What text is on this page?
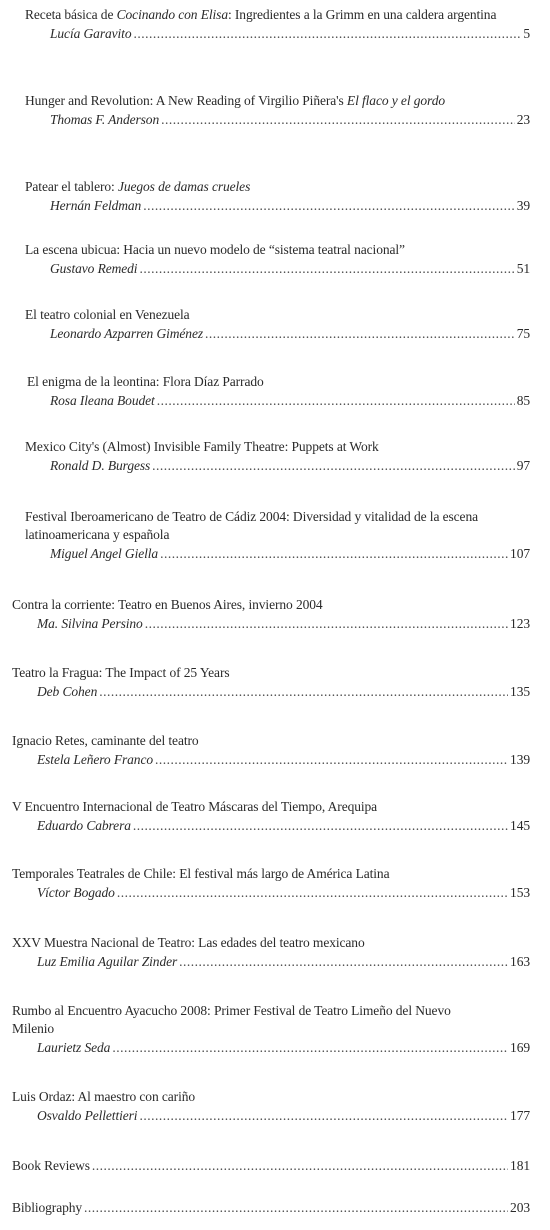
Receta básica de Cocinando con Elisa: Ingredientes a la Grimm en una caldera argentina
Lucía Garavito .....	5
Hunger and Revolution: A New Reading of Virgilio Piñera's El flaco y el gordo
Thomas F. Anderson .....	23
Patear el tablero: Juegos de damas crueles
Hernán Feldman .....	39
La escena ubicua: Hacia un nuevo modelo de “sistema teatral nacional”
Gustavo Remedi .....	51
El teatro colonial en Venezuela
Leonardo Azparren Giménez .....	75
El enigma de la leontina: Flora Díaz Parrado
Rosa Ileana Boudet .....	85
Mexico City's (Almost) Invisible Family Theatre: Puppets at Work
Ronald D. Burgess .....	97
Festival Iberoamericano de Teatro de Cádiz 2004: Diversidad y vitalidad de la escena latinoamericana y española
Miguel Angel Giella .....	107
Contra la corriente: Teatro en Buenos Aires, invierno 2004
Ma. Silvina Persino .....	123
Teatro la Fragua: The Impact of 25 Years
Deb Cohen .....	135
Ignacio Retes, caminante del teatro
Estela Leñero Franco .....	139
V Encuentro Internacional de Teatro Máscaras del Tiempo, Arequipa
Eduardo Cabrera .....	145
Temporales Teatrales de Chile: El festival más largo de América Latina
Víctor Bogado .....	153
XXV Muestra Nacional de Teatro: Las edades del teatro mexicano
Luz Emilia Aguilar Zinder .....	163
Rumbo al Encuentro Ayacucho 2008: Primer Festival de Teatro Limeño del Nuevo Milenio
Laurietz Seda .....	169
Luis Ordaz: Al maestro con cariño
Osvaldo Pellettieri .....	177
Book Reviews .....	181
Bibliography .....	203
